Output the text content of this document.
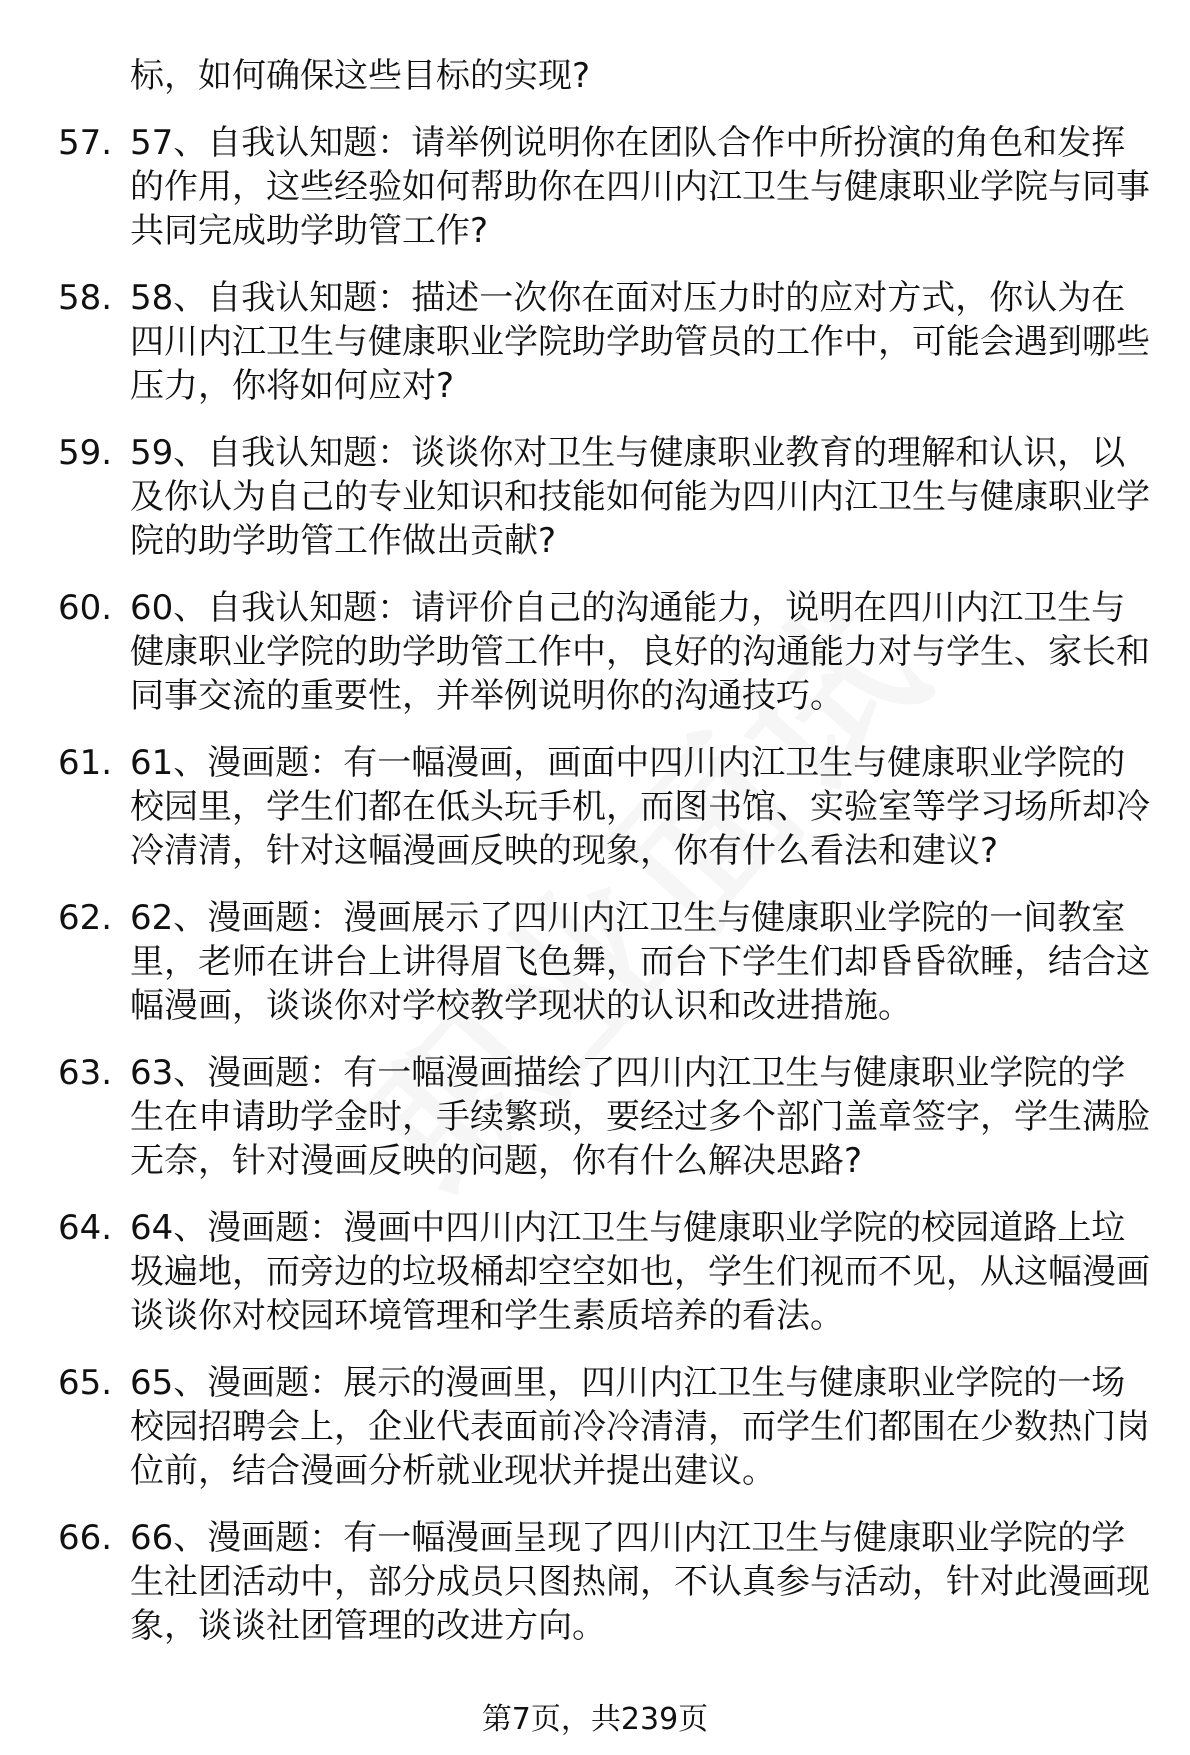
标，如何确保这些目标的实现?
57. 57、自我认知题：请举例说明你在团队合作中所扮演的角色和发挥的作用，这些经验如何帮助你在四川内江卫生与健康职业学院与同事共同完成助学助管工作?
58. 58、自我认知题：描述一次你在面对压力时的应对方式，你认为在四川内江卫生与健康职业学院助学助管员的工作中，可能会遇到哪些压力，你将如何应对?
59. 59、自我认知题：谈谈你对卫生与健康职业教育的理解和认识，以及你认为自己的专业知识和技能如何能为四川内江卫生与健康职业学院的助学助管工作做出贡献?
60. 60、自我认知题：请评价自己的沟通能力，说明在四川内江卫生与健康职业学院的助学助管工作中，良好的沟通能力对与学生、家长和同事交流的重要性，并举例说明你的沟通技巧。
61. 61、漫画题：有一幅漫画，画面中四川内江卫生与健康职业学院的校园里，学生们都在低头玩手机，而图书馆、实验室等学习场所却冷冷清清，针对这幅漫画反映的现象，你有什么看法和建议?
62. 62、漫画题：漫画展示了四川内江卫生与健康职业学院的一间教室里，老师在讲台上讲得眉飞色舞，而台下学生们却昏昏欲睡，结合这幅漫画，谈谈你对学校教学现状的认识和改进措施。
63. 63、漫画题：有一幅漫画描绘了四川内江卫生与健康职业学院的学生在申请助学金时，手续繁琐，要经过多个部门盖章签字，学生满脸无奈，针对漫画反映的问题，你有什么解决思路?
64. 64、漫画题：漫画中四川内江卫生与健康职业学院的校园道路上垃圾遍地，而旁边的垃圾桶却空空如也，学生们视而不见，从这幅漫画谈谈你对校园环境管理和学生素质培养的看法。
65. 65、漫画题：展示的漫画里，四川内江卫生与健康职业学院的一场校园招聘会上，企业代表面前冷冷清清，而学生们都围在少数热门岗位前，结合漫画分析就业现状并提出建议。
66. 66、漫画题：有一幅漫画呈现了四川内江卫生与健康职业学院的学生社团活动中，部分成员只图热闹，不认真参与活动，针对此漫画现象，谈谈社团管理的改进方向。
第7页，共239页
